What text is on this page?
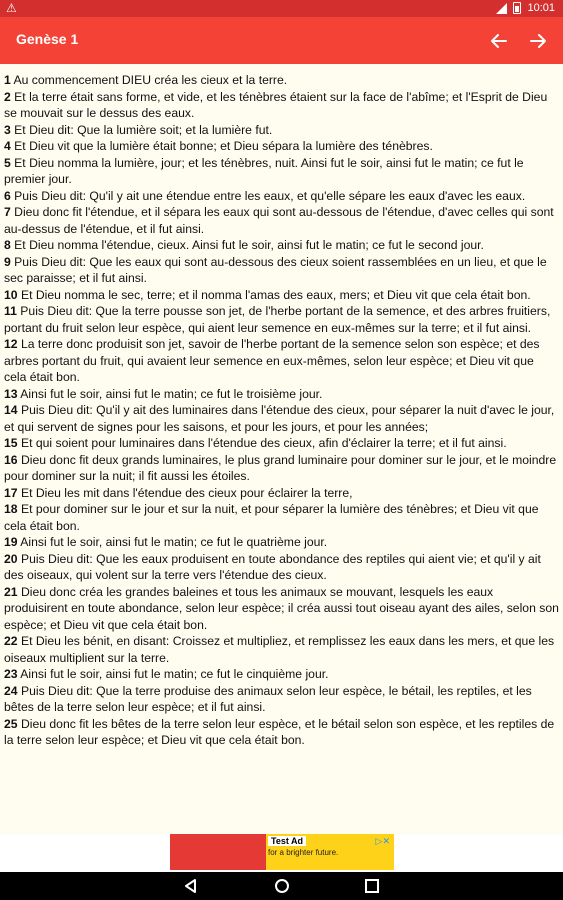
⚠	10:01
Genèse 1

1 Au commencement DIEU créa les cieux et la terre.

2 Et la terre était sans forme, et vide, et les ténèbres étaient sur la face de l'abîme; et l'Esprit de Dieu se mouvait sur le dessus des eaux.

3 Et Dieu dit: Que la lumière soit; et la lumière fut.

4 Et Dieu vit que la lumière était bonne; et Dieu sépara la lumière des ténèbres.

5 Et Dieu nomma la lumière, jour; et les ténèbres, nuit. Ainsi fut le soir, ainsi fut le matin; ce fut le premier jour.

6 Puis Dieu dit: Qu'il y ait une étendue entre les eaux, et qu'elle sépare les eaux d'avec les eaux.

7 Dieu donc fit l'étendue, et il sépara les eaux qui sont au-dessous de l'étendue, d'avec celles qui sont au-dessus de l'étendue, et il fut ainsi.

8 Et Dieu nomma l'étendue, cieux. Ainsi fut le soir, ainsi fut le matin; ce fut le second jour.

9 Puis Dieu dit: Que les eaux qui sont au-dessous des cieux soient rassemblées en un lieu, et que le sec paraisse; et il fut ainsi.

10 Et Dieu nomma le sec, terre; et il nomma l'amas des eaux, mers; et Dieu vit que cela était bon.

11 Puis Dieu dit: Que la terre pousse son jet, de l'herbe portant de la semence, et des arbres fruitiers, portant du fruit selon leur espèce, qui aient leur semence en eux-mêmes sur la terre; et il fut ainsi.

12 La terre donc produisit son jet, savoir de l'herbe portant de la semence selon son espèce; et des arbres portant du fruit, qui avaient leur semence en eux-mêmes, selon leur espèce; et Dieu vit que cela était bon.

13 Ainsi fut le soir, ainsi fut le matin; ce fut le troisième jour.

14 Puis Dieu dit: Qu'il y ait des luminaires dans l'étendue des cieux, pour séparer la nuit d'avec le jour, et qui servent de signes pour les saisons, et pour les jours, et pour les années;

15 Et qui soient pour luminaires dans l'étendue des cieux, afin d'éclairer la terre; et il fut ainsi.

16 Dieu donc fit deux grands luminaires, le plus grand luminaire pour dominer sur le jour, et le moindre pour dominer sur la nuit; il fit aussi les étoiles.

17 Et Dieu les mit dans l'étendue des cieux pour éclairer la terre,

18 Et pour dominer sur le jour et sur la nuit, et pour séparer la lumière des ténèbres; et Dieu vit que cela était bon.

19 Ainsi fut le soir, ainsi fut le matin; ce fut le quatrième jour.

20 Puis Dieu dit: Que les eaux produisent en toute abondance des reptiles qui aient vie; et qu'il y ait des oiseaux, qui volent sur la terre vers l'étendue des cieux.

21 Dieu donc créa les grandes baleines et tous les animaux se mouvant, lesquels les eaux produisirent en toute abondance, selon leur espèce; il créa aussi tout oiseau ayant des ailes, selon son espèce; et Dieu vit que cela était bon.

22 Et Dieu les bénit, en disant: Croissez et multipliez, et remplissez les eaux dans les mers, et que les oiseaux multiplient sur la terre.

23 Ainsi fut le soir, ainsi fut le matin; ce fut le cinquième jour.

24 Puis Dieu dit: Que la terre produise des animaux selon leur espèce, le bétail, les reptiles, et les bêtes de la terre selon leur espèce; et il fut ainsi.

25 Dieu donc fit les bêtes de la terre selon leur espèce, et le bétail selon son espèce, et les reptiles de la terre selon leur espèce; et Dieu vit que cela était bon.

Test Ad
for a brighter future.
▷✕
